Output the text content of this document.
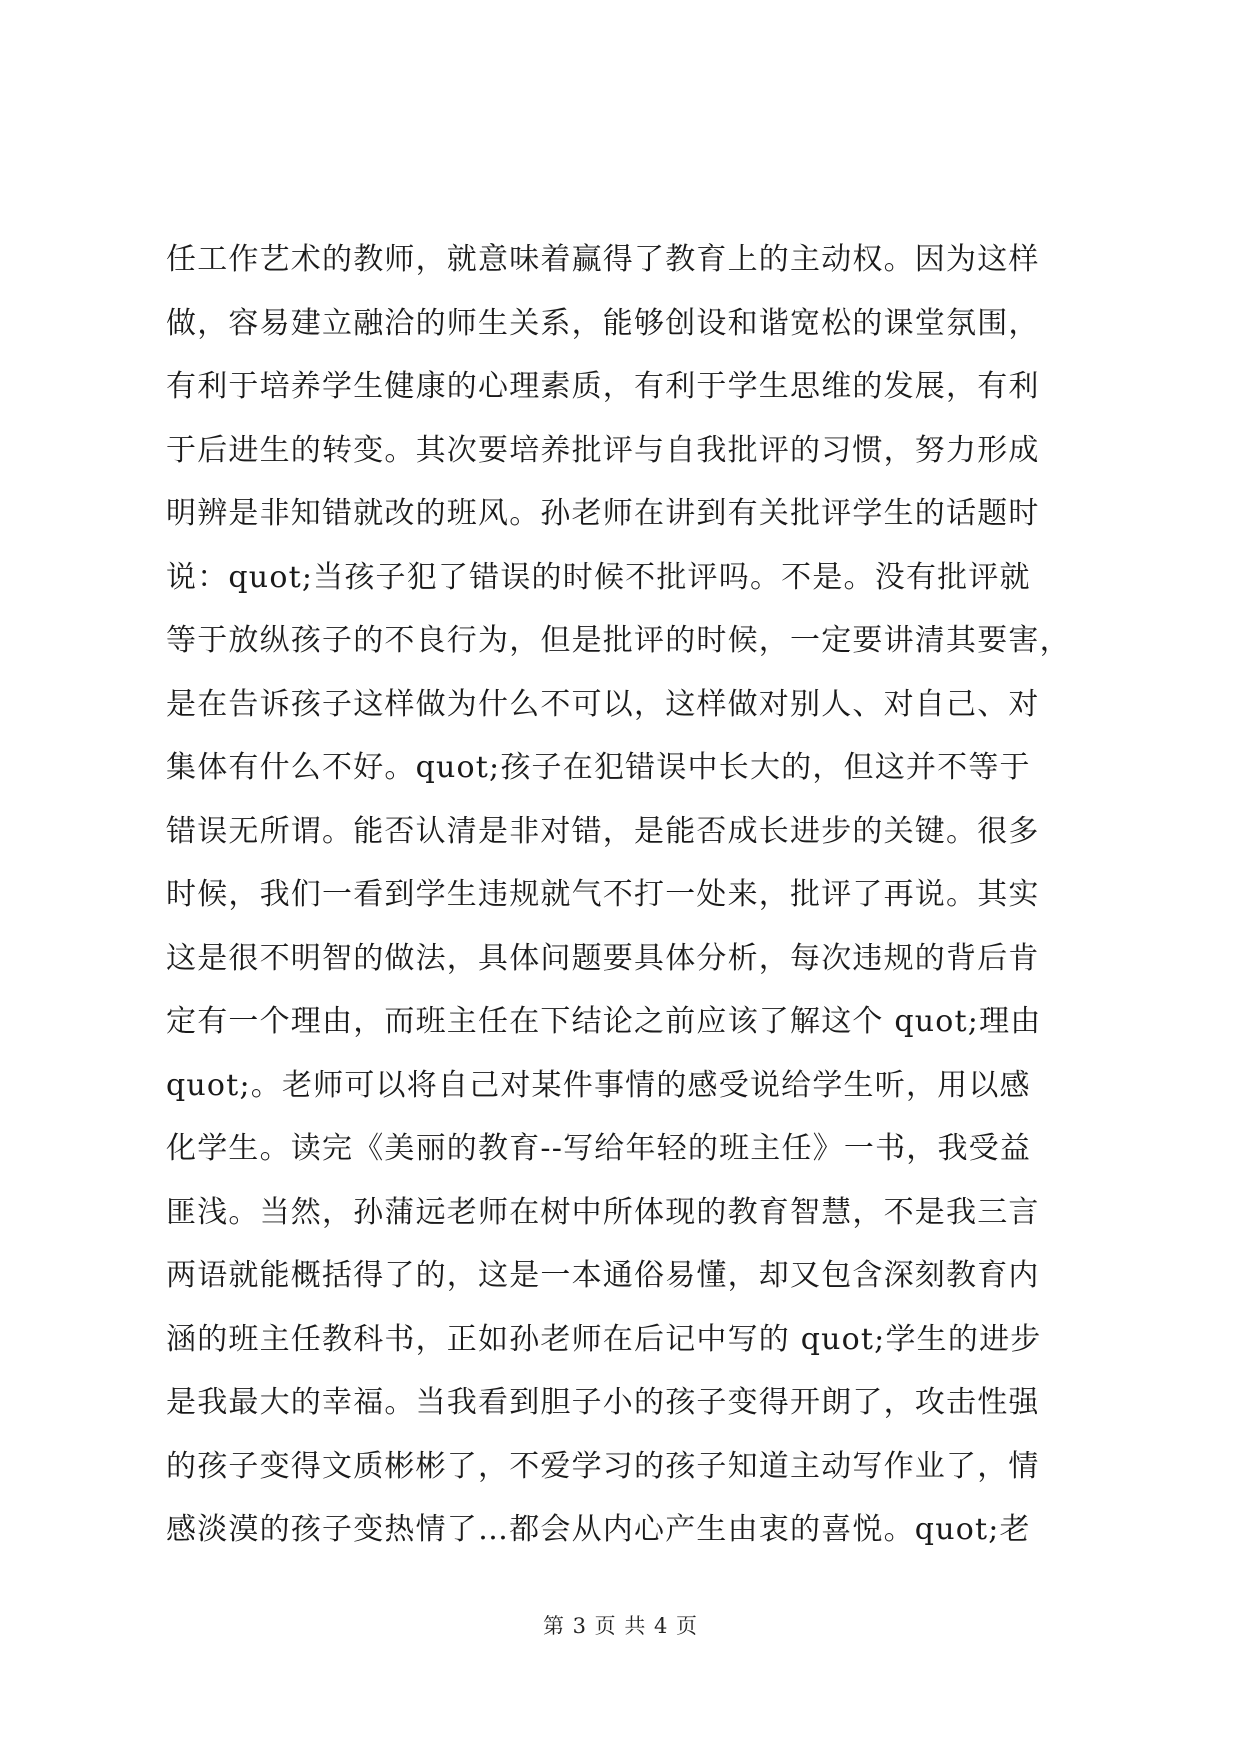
任工作艺术的教师，就意味着赢得了教育上的主动权。因为这样
做，容易建立融洽的师生关系，能够创设和谐宽松的课堂氛围，
有利于培养学生健康的心理素质，有利于学生思维的发展，有利
于后进生的转变。其次要培养批评与自我批评的习惯，努力形成
明辨是非知错就改的班风。孙老师在讲到有关批评学生的话题时
说：quot;当孩子犯了错误的时候不批评吗。不是。没有批评就
等于放纵孩子的不良行为，但是批评的时候，一定要讲清其要害，
是在告诉孩子这样做为什么不可以，这样做对别人、对自己、对
集体有什么不好。quot;孩子在犯错误中长大的，但这并不等于
错误无所谓。能否认清是非对错，是能否成长进步的关键。很多
时候，我们一看到学生违规就气不打一处来，批评了再说。其实
这是很不明智的做法，具体问题要具体分析，每次违规的背后肯
定有一个理由，而班主任在下结论之前应该了解这个 quot;理由
quot;。老师可以将自己对某件事情的感受说给学生听，用以感
化学生。读完《美丽的教育--写给年轻的班主任》一书，我受益
匪浅。当然，孙蒲远老师在树中所体现的教育智慧，不是我三言
两语就能概括得了的，这是一本通俗易懂，却又包含深刻教育内
涵的班主任教科书，正如孙老师在后记中写的 quot;学生的进步
是我最大的幸福。当我看到胆子小的孩子变得开朗了，攻击性强
的孩子变得文质彬彬了，不爱学习的孩子知道主动写作业了，情
感淡漠的孩子变热情了…都会从内心产生由衷的喜悦。quot;老
第 3 页 共 4 页
